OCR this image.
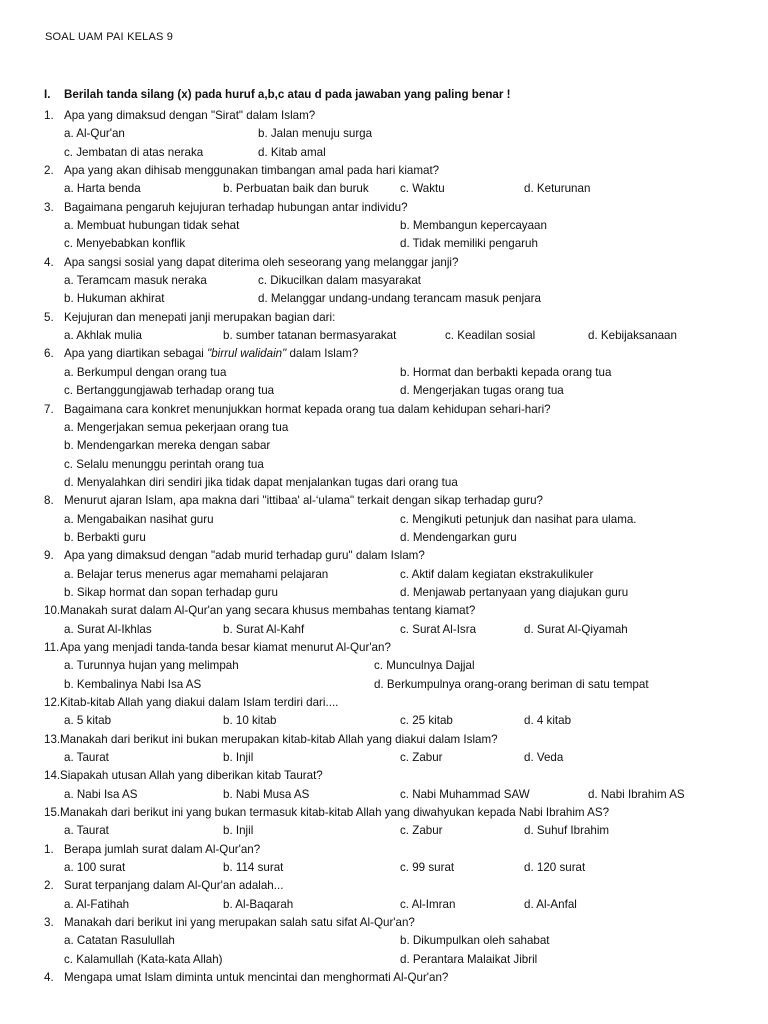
SOAL UAM PAI KELAS 9
I. Berilah tanda silang (x) pada huruf a,b,c atau d pada jawaban yang paling benar !
1. Apa yang dimaksud dengan "Sirat" dalam Islam?
a. Al-Qur'an	b. Jalan menuju surga
c. Jembatan di atas neraka	d. Kitab amal
2. Apa yang akan dihisab menggunakan timbangan amal pada hari kiamat?
a. Harta benda	b. Perbuatan baik dan buruk	c. Waktu	d. Keturunan
3. Bagaimana pengaruh kejujuran terhadap hubungan antar individu?
a. Membuat hubungan tidak sehat	b. Membangun kepercayaan
c. Menyebabkan konflik	d. Tidak memiliki pengaruh
4. Apa sangsi sosial yang dapat diterima oleh seseorang yang melanggar janji?
a. Teramcam masuk neraka	c. Dikucilkan dalam masyarakat
b. Hukuman akhirat	d. Melanggar undang-undang terancam masuk penjara
5. Kejujuran dan menepati janji merupakan bagian dari:
a. Akhlak mulia	b. sumber tatanan bermasyarakat	c. Keadilan sosial	d. Kebijaksanaan
6. Apa yang diartikan sebagai "birrul walidain" dalam Islam?
a. Berkumpul dengan orang tua	b. Hormat dan berbakti kepada orang tua
c. Bertanggungjawab terhadap orang tua	d. Mengerjakan tugas orang tua
7. Bagaimana cara konkret menunjukkan hormat kepada orang tua dalam kehidupan sehari-hari?
a. Mengerjakan semua pekerjaan orang tua
b. Mendengarkan mereka dengan sabar
c. Selalu menunggu perintah orang tua
d. Menyalahkan diri sendiri jika tidak dapat menjalankan tugas dari orang tua
8. Menurut ajaran Islam, apa makna dari "ittibaa' al-‘ulama" terkait dengan sikap terhadap guru?
a. Mengabaikan nasihat guru	c. Mengikuti petunjuk dan nasihat para ulama.
b. Berbakti guru	d. Mendengarkan guru
9. Apa yang dimaksud dengan "adab murid terhadap guru" dalam Islam?
a. Belajar terus menerus agar memahami pelajaran	c. Aktif dalam kegiatan ekstrakulikuler
b. Sikap hormat dan sopan terhadap guru	d. Menjawab pertanyaan yang diajukan guru
10. Manakah surat dalam Al-Qur'an yang secara khusus membahas tentang kiamat?
a. Surat Al-Ikhlas	b. Surat Al-Kahf	c. Surat Al-Isra	d. Surat Al-Qiyamah
11. Apa yang menjadi tanda-tanda besar kiamat menurut Al-Qur'an?
a. Turunnya hujan yang melimpah	c. Munculnya Dajjal
b. Kembalinya Nabi Isa AS	d. Berkumpulnya orang-orang beriman di satu tempat
12. Kitab-kitab Allah yang diakui dalam Islam terdiri dari....
a. 5 kitab	b. 10 kitab	c. 25 kitab	d. 4 kitab
13. Manakah dari berikut ini bukan merupakan kitab-kitab Allah yang diakui dalam Islam?
a. Taurat	b. Injil	c. Zabur	d. Veda
14. Siapakah utusan Allah yang diberikan kitab Taurat?
a. Nabi Isa AS	b. Nabi Musa AS	c. Nabi Muhammad SAW	d. Nabi Ibrahim AS
15. Manakah dari berikut ini yang bukan termasuk kitab-kitab Allah yang diwahyukan kepada Nabi Ibrahim AS?
a. Taurat	b. Injil	c. Zabur	d. Suhuf Ibrahim
1. Berapa jumlah surat dalam Al-Qur'an?
a. 100 surat	b. 114 surat	c. 99 surat	d. 120 surat
2. Surat terpanjang dalam Al-Qur'an adalah...
a. Al-Fatihah	b. Al-Baqarah	c. Al-Imran	d. Al-Anfal
3. Manakah dari berikut ini yang merupakan salah satu sifat Al-Qur'an?
a. Catatan Rasulullah	b. Dikumpulkan oleh sahabat
c. Kalamullah (Kata-kata Allah)	d. Perantara Malaikat Jibril
4. Mengapa umat Islam diminta untuk mencintai dan menghormati Al-Qur'an?
